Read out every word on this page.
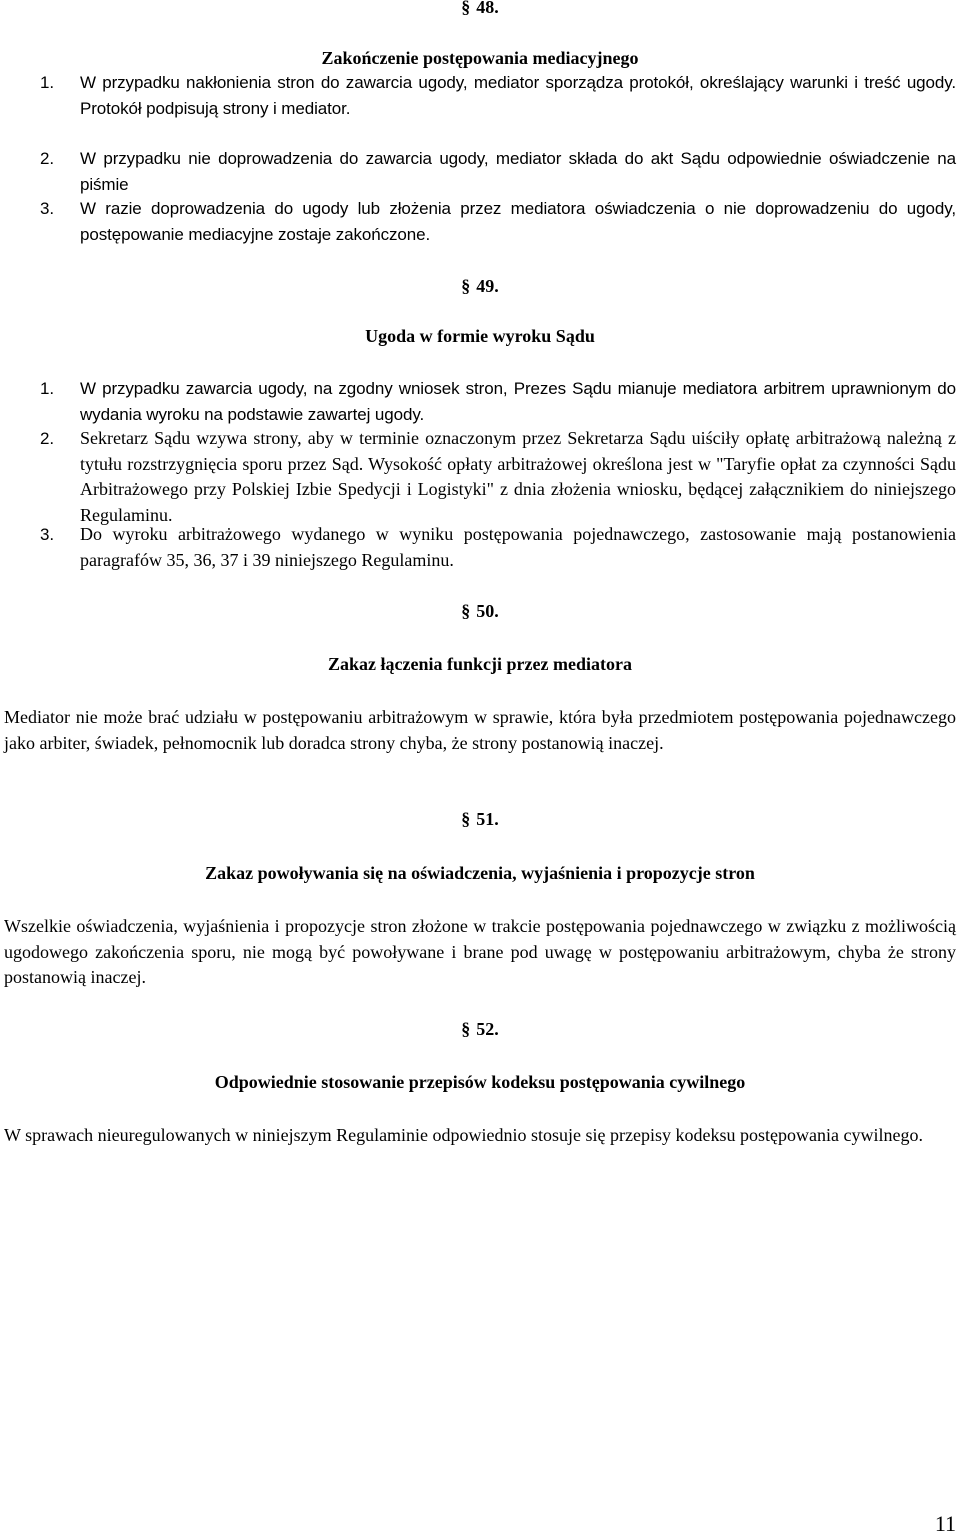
§ 48.
Zakończenie postępowania mediacyjnego
1. W przypadku nakłonienia stron do zawarcia ugody, mediator sporządza protokół, określający warunki i treść ugody. Protokół podpisują strony i mediator.
2. W przypadku nie doprowadzenia do zawarcia ugody, mediator składa do akt Sądu odpowiednie oświadczenie na piśmie
3. W razie doprowadzenia do ugody lub złożenia przez mediatora oświadczenia o nie doprowadzeniu do ugody, postępowanie mediacyjne zostaje zakończone.
§ 49.
Ugoda w formie wyroku Sądu
1. W przypadku zawarcia ugody, na zgodny wniosek stron, Prezes Sądu mianuje mediatora arbitrem uprawnionym do wydania wyroku na podstawie zawartej ugody.
2. Sekretarz Sądu wzywa strony, aby w terminie oznaczonym przez Sekretarza Sądu uiściły opłatę arbitrażową należną z tytułu rozstrzygnięcia sporu przez Sąd. Wysokość opłaty arbitrażowej określona jest w "Taryfie opłat za czynności Sądu Arbitrażowego przy Polskiej Izbie Spedycji i Logistyki" z dnia złożenia wniosku, będącej załącznikiem do niniejszego Regulaminu.
3. Do wyroku arbitrażowego wydanego w wyniku postępowania pojednawczego, zastosowanie mają postanowienia paragrafów 35, 36, 37 i 39 niniejszego Regulaminu.
§ 50.
Zakaz łączenia funkcji przez mediatora
Mediator nie może brać udziału w postępowaniu arbitrażowym w sprawie, która była przedmiotem postępowania pojednawczego jako arbiter, świadek, pełnomocnik lub doradca strony chyba, że strony postanowią inaczej.
§ 51.
Zakaz powoływania się na oświadczenia, wyjaśnienia i propozycje stron
Wszelkie oświadczenia, wyjaśnienia i propozycje stron złożone w trakcie postępowania pojednawczego w związku z możliwością ugodowego zakończenia sporu, nie mogą być powoływane i brane pod uwagę w postępowaniu arbitrażowym, chyba że strony postanowią inaczej.
§ 52.
Odpowiednie stosowanie przepisów kodeksu postępowania cywilnego
W sprawach nieuregulowanych w niniejszym Regulaminie odpowiednio stosuje się przepisy kodeksu postępowania cywilnego.
11
